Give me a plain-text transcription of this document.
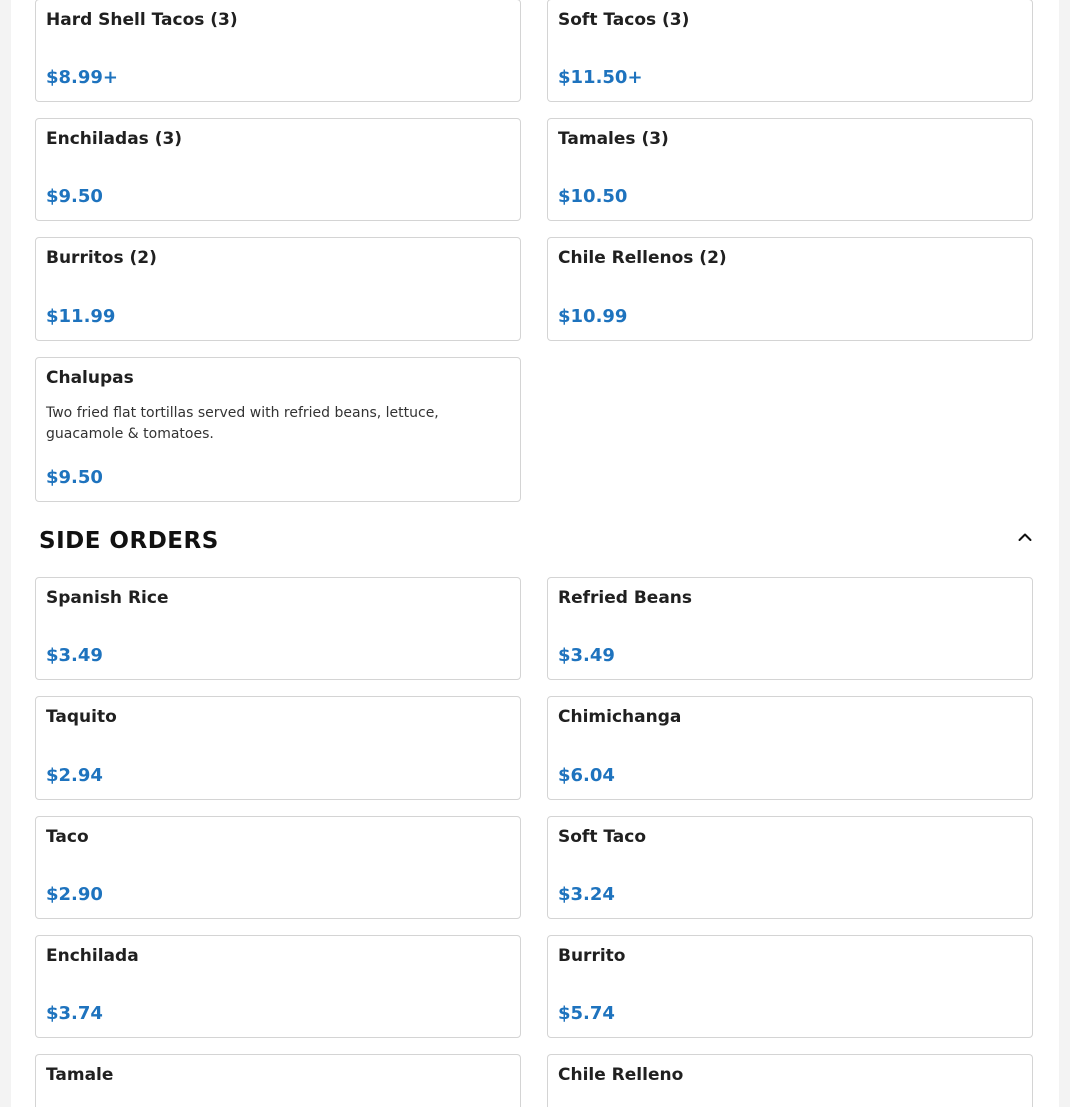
Hard Shell Tacos (3)
$8.99+
Soft Tacos (3)
$11.50+
Enchiladas (3)
$9.50
Tamales (3)
$10.50
Burritos (2)
$11.99
Chile Rellenos (2)
$10.99
Chalupas
Two fried flat tortillas served with refried beans, lettuce, guacamole & tomatoes.
$9.50
SIDE ORDERS
Spanish Rice
$3.49
Refried Beans
$3.49
Taquito
$2.94
Chimichanga
$6.04
Taco
$2.90
Soft Taco
$3.24
Enchilada
$3.74
Burrito
$5.74
Tamale	Chile Relleno
